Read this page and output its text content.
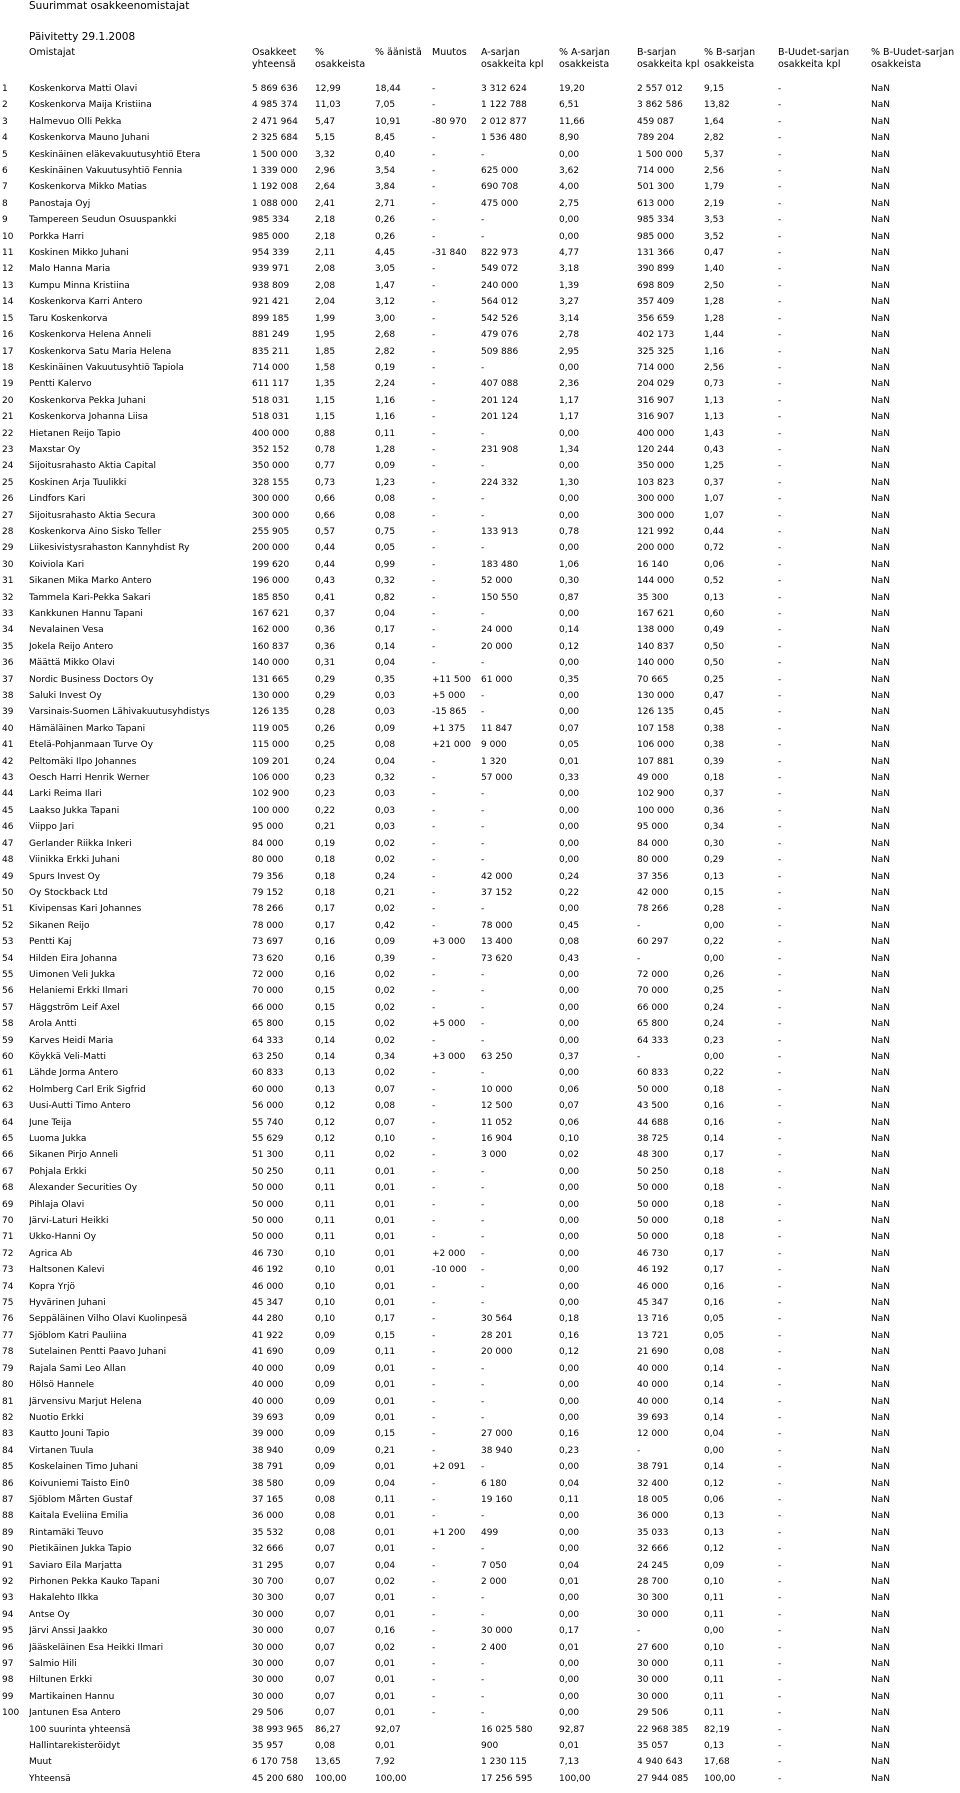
Suurimmat osakkeenomistajat
Päivitetty 29.1.2008
	Omistajat	Osakkeet yhteensä	% osakkeista	% äänistä	Muutos	A-sarjan osakkeita kpl	% A-sarjan osakkeista	B-sarjan osakkeita kpl	% B-sarjan osakkeista	B-Uudet-sarjan osakkeita kpl	% B-Uudet-sarjan osakkeista
1	Koskenkorva Matti Olavi	5 869 636	12,99	18,44	-	3 312 624	19,20	2 557 012	9,15	-	NaN
2	Koskenkorva Maija Kristiina	4 985 374	11,03	7,05	-	1 122 788	6,51	3 862 586	13,82	-	NaN
3	Halmevuo Olli Pekka	2 471 964	5,47	10,91	-80 970	2 012 877	11,66	459 087	1,64	-	NaN
4	Koskenkorva Mauno Juhani	2 325 684	5,15	8,45	-	1 536 480	8,90	789 204	2,82	-	NaN
5	Keskinäinen eläkevakuutusyhtiö Etera	1 500 000	3,32	0,40	-	-	0,00	1 500 000	5,37	-	NaN
6	Keskinäinen Vakuutusyhtiö Fennia	1 339 000	2,96	3,54	-	625 000	3,62	714 000	2,56	-	NaN
7	Koskenkorva Mikko Matias	1 192 008	2,64	3,84	-	690 708	4,00	501 300	1,79	-	NaN
8	Panostaja Oyj	1 088 000	2,41	2,71	-	475 000	2,75	613 000	2,19	-	NaN
9	Tampereen Seudun Osuuspankki	985 334	2,18	0,26	-	-	0,00	985 334	3,53	-	NaN
10	Porkka Harri	985 000	2,18	0,26	-	-	0,00	985 000	3,52	-	NaN
11	Koskinen Mikko Juhani	954 339	2,11	4,45	-31 840	822 973	4,77	131 366	0,47	-	NaN
12	Malo Hanna Maria	939 971	2,08	3,05	-	549 072	3,18	390 899	1,40	-	NaN
13	Kumpu Minna Kristiina	938 809	2,08	1,47	-	240 000	1,39	698 809	2,50	-	NaN
14	Koskenkorva Karri Antero	921 421	2,04	3,12	-	564 012	3,27	357 409	1,28	-	NaN
15	Taru Koskenkorva	899 185	1,99	3,00	-	542 526	3,14	356 659	1,28	-	NaN
16	Koskenkorva Helena Anneli	881 249	1,95	2,68	-	479 076	2,78	402 173	1,44	-	NaN
17	Koskenkorva Satu Maria Helena	835 211	1,85	2,82	-	509 886	2,95	325 325	1,16	-	NaN
18	Keskinäinen Vakuutusyhtiö Tapiola	714 000	1,58	0,19	-	-	0,00	714 000	2,56	-	NaN
19	Pentti Kalervo	611 117	1,35	2,24	-	407 088	2,36	204 029	0,73	-	NaN
20	Koskenkorva Pekka Juhani	518 031	1,15	1,16	-	201 124	1,17	316 907	1,13	-	NaN
21	Koskenkorva Johanna Liisa	518 031	1,15	1,16	-	201 124	1,17	316 907	1,13	-	NaN
22	Hietanen Reijo Tapio	400 000	0,88	0,11	-	-	0,00	400 000	1,43	-	NaN
23	Maxstar Oy	352 152	0,78	1,28	-	231 908	1,34	120 244	0,43	-	NaN
24	Sijoitusrahasto Aktia Capital	350 000	0,77	0,09	-	-	0,00	350 000	1,25	-	NaN
25	Koskinen Arja Tuulikki	328 155	0,73	1,23	-	224 332	1,30	103 823	0,37	-	NaN
26	Lindfors Kari	300 000	0,66	0,08	-	-	0,00	300 000	1,07	-	NaN
27	Sijoitusrahasto Aktia Secura	300 000	0,66	0,08	-	-	0,00	300 000	1,07	-	NaN
28	Koskenkorva Aino Sisko Teller	255 905	0,57	0,75	-	133 913	0,78	121 992	0,44	-	NaN
29	Liikesivistysrahaston Kannyhdist Ry	200 000	0,44	0,05	-	-	0,00	200 000	0,72	-	NaN
30	Koiviola Kari	199 620	0,44	0,99	-	183 480	1,06	16 140	0,06	-	NaN
31	Sikanen Mika Marko Antero	196 000	0,43	0,32	-	52 000	0,30	144 000	0,52	-	NaN
32	Tammela Kari-Pekka Sakari	185 850	0,41	0,82	-	150 550	0,87	35 300	0,13	-	NaN
33	Kankkunen Hannu Tapani	167 621	0,37	0,04	-	-	0,00	167 621	0,60	-	NaN
34	Nevalainen Vesa	162 000	0,36	0,17	-	24 000	0,14	138 000	0,49	-	NaN
35	Jokela Reijo Antero	160 837	0,36	0,14	-	20 000	0,12	140 837	0,50	-	NaN
36	Määttä Mikko Olavi	140 000	0,31	0,04	-	-	0,00	140 000	0,50	-	NaN
37	Nordic Business Doctors Oy	131 665	0,29	0,35	+11 500	61 000	0,35	70 665	0,25	-	NaN
38	Saluki Invest Oy	130 000	0,29	0,03	+5 000	-	0,00	130 000	0,47	-	NaN
39	Varsinais-Suomen Lähivakuutusyhdistys	126 135	0,28	0,03	-15 865	-	0,00	126 135	0,45	-	NaN
40	Hämäläinen Marko Tapani	119 005	0,26	0,09	+1 375	11 847	0,07	107 158	0,38	-	NaN
41	Etelä-Pohjanmaan Turve Oy	115 000	0,25	0,08	+21 000	9 000	0,05	106 000	0,38	-	NaN
42	Peltomäki Ilpo Johannes	109 201	0,24	0,04	-	1 320	0,01	107 881	0,39	-	NaN
43	Oesch Harri Henrik Werner	106 000	0,23	0,32	-	57 000	0,33	49 000	0,18	-	NaN
44	Larki Reima Ilari	102 900	0,23	0,03	-	-	0,00	102 900	0,37	-	NaN
45	Laakso Jukka Tapani	100 000	0,22	0,03	-	-	0,00	100 000	0,36	-	NaN
46	Viippo Jari	95 000	0,21	0,03	-	-	0,00	95 000	0,34	-	NaN
47	Gerlander Riikka Inkeri	84 000	0,19	0,02	-	-	0,00	84 000	0,30	-	NaN
48	Viinikka Erkki Juhani	80 000	0,18	0,02	-	-	0,00	80 000	0,29	-	NaN
49	Spurs Invest Oy	79 356	0,18	0,24	-	42 000	0,24	37 356	0,13	-	NaN
50	Oy Stockback Ltd	79 152	0,18	0,21	-	37 152	0,22	42 000	0,15	-	NaN
51	Kivipensas Kari Johannes	78 266	0,17	0,02	-	-	0,00	78 266	0,28	-	NaN
52	Sikanen Reijo	78 000	0,17	0,42	-	78 000	0,45	-	0,00	-	NaN
53	Pentti Kaj	73 697	0,16	0,09	+3 000	13 400	0,08	60 297	0,22	-	NaN
54	Hilden Eira Johanna	73 620	0,16	0,39	-	73 620	0,43	-	0,00	-	NaN
55	Uimonen Veli Jukka	72 000	0,16	0,02	-	-	0,00	72 000	0,26	-	NaN
56	Helaniemi Erkki Ilmari	70 000	0,15	0,02	-	-	0,00	70 000	0,25	-	NaN
57	Häggström Leif Axel	66 000	0,15	0,02	-	-	0,00	66 000	0,24	-	NaN
58	Arola Antti	65 800	0,15	0,02	+5 000	-	0,00	65 800	0,24	-	NaN
59	Karves Heidi Maria	64 333	0,14	0,02	-	-	0,00	64 333	0,23	-	NaN
60	Köykkä Veli-Matti	63 250	0,14	0,34	+3 000	63 250	0,37	-	0,00	-	NaN
61	Lähde Jorma Antero	60 833	0,13	0,02	-	-	0,00	60 833	0,22	-	NaN
62	Holmberg Carl Erik Sigfrid	60 000	0,13	0,07	-	10 000	0,06	50 000	0,18	-	NaN
63	Uusi-Autti Timo Antero	56 000	0,12	0,08	-	12 500	0,07	43 500	0,16	-	NaN
64	June Teija	55 740	0,12	0,07	-	11 052	0,06	44 688	0,16	-	NaN
65	Luoma Jukka	55 629	0,12	0,10	-	16 904	0,10	38 725	0,14	-	NaN
66	Sikanen Pirjo Anneli	51 300	0,11	0,02	-	3 000	0,02	48 300	0,17	-	NaN
67	Pohjala Erkki	50 250	0,11	0,01	-	-	0,00	50 250	0,18	-	NaN
68	Alexander Securities Oy	50 000	0,11	0,01	-	-	0,00	50 000	0,18	-	NaN
69	Pihlaja Olavi	50 000	0,11	0,01	-	-	0,00	50 000	0,18	-	NaN
70	Järvi-Laturi Heikki	50 000	0,11	0,01	-	-	0,00	50 000	0,18	-	NaN
71	Ukko-Hanni Oy	50 000	0,11	0,01	-	-	0,00	50 000	0,18	-	NaN
72	Agrica Ab	46 730	0,10	0,01	+2 000	-	0,00	46 730	0,17	-	NaN
73	Haltsonen Kalevi	46 192	0,10	0,01	-10 000	-	0,00	46 192	0,17	-	NaN
74	Kopra Yrjö	46 000	0,10	0,01	-	-	0,00	46 000	0,16	-	NaN
75	Hyvärinen Juhani	45 347	0,10	0,01	-	-	0,00	45 347	0,16	-	NaN
76	Seppäläinen Vilho Olavi Kuolinpesä	44 280	0,10	0,17	-	30 564	0,18	13 716	0,05	-	NaN
77	Sjöblom Katri Pauliina	41 922	0,09	0,15	-	28 201	0,16	13 721	0,05	-	NaN
78	Sutelainen Pentti Paavo Juhani	41 690	0,09	0,11	-	20 000	0,12	21 690	0,08	-	NaN
79	Rajala Sami Leo Allan	40 000	0,09	0,01	-	-	0,00	40 000	0,14	-	NaN
80	Hölsö Hannele	40 000	0,09	0,01	-	-	0,00	40 000	0,14	-	NaN
81	Järvensivu Marjut Helena	40 000	0,09	0,01	-	-	0,00	40 000	0,14	-	NaN
82	Nuotio Erkki	39 693	0,09	0,01	-	-	0,00	39 693	0,14	-	NaN
83	Kautto Jouni Tapio	39 000	0,09	0,15	-	27 000	0,16	12 000	0,04	-	NaN
84	Virtanen Tuula	38 940	0,09	0,21	-	38 940	0,23	-	0,00	-	NaN
85	Koskelainen Timo Juhani	38 791	0,09	0,01	+2 091	-	0,00	38 791	0,14	-	NaN
86	Koivuniemi Taisto Ein0	38 580	0,09	0,04	-	6 180	0,04	32 400	0,12	-	NaN
87	Sjöblom Mårten Gustaf	37 165	0,08	0,11	-	19 160	0,11	18 005	0,06	-	NaN
88	Kaitala Eveliina Emilia	36 000	0,08	0,01	-	-	0,00	36 000	0,13	-	NaN
89	Rintamäki Teuvo	35 532	0,08	0,01	+1 200	499	0,00	35 033	0,13	-	NaN
90	Pietikäinen Jukka Tapio	32 666	0,07	0,01	-	-	0,00	32 666	0,12	-	NaN
91	Saviaro Eila Marjatta	31 295	0,07	0,04	-	7 050	0,04	24 245	0,09	-	NaN
92	Pirhonen Pekka Kauko Tapani	30 700	0,07	0,02	-	2 000	0,01	28 700	0,10	-	NaN
93	Hakalehto Ilkka	30 300	0,07	0,01	-	-	0,00	30 300	0,11	-	NaN
94	Antse Oy	30 000	0,07	0,01	-	-	0,00	30 000	0,11	-	NaN
95	Järvi Anssi Jaakko	30 000	0,07	0,16	-	30 000	0,17	-	0,00	-	NaN
96	Jääskeläinen Esa Heikki Ilmari	30 000	0,07	0,02	-	2 400	0,01	27 600	0,10	-	NaN
97	Salmio Hili	30 000	0,07	0,01	-	-	0,00	30 000	0,11	-	NaN
98	Hiltunen Erkki	30 000	0,07	0,01	-	-	0,00	30 000	0,11	-	NaN
99	Martikainen Hannu	30 000	0,07	0,01	-	-	0,00	30 000	0,11	-	NaN
100	Jantunen Esa Antero	29 506	0,07	0,01	-	-	0,00	29 506	0,11	-	NaN
	100 suurinta yhteensä	38 993 965	86,27	92,07		16 025 580	92,87	22 968 385	82,19	-	NaN
	Hallintarekisteröidyt	35 957	0,08	0,01		900	0,01	35 057	0,13	-	NaN
	Muut	6 170 758	13,65	7,92		1 230 115	7,13	4 940 643	17,68	-	NaN
	Yhteensä	45 200 680	100,00	100,00		17 256 595	100,00	27 944 085	100,00	-	NaN
